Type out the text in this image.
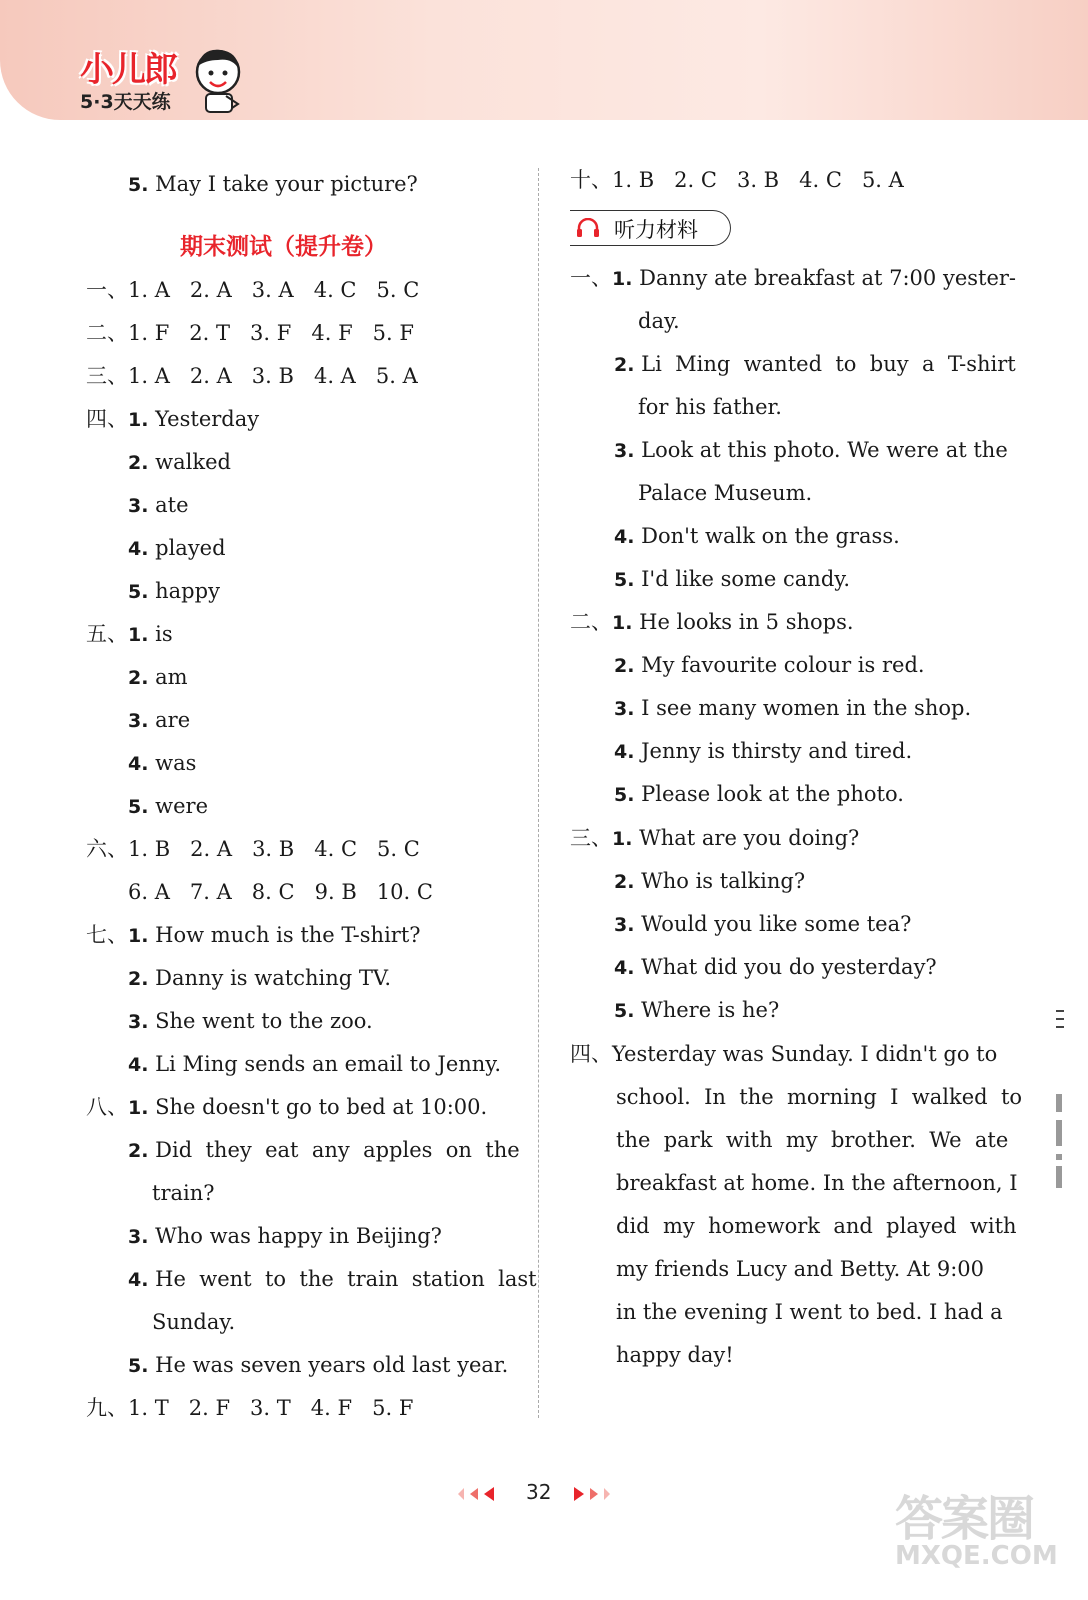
小儿郎
5·3天天练
5. May I take your picture?
期末测试（提升卷）
一、1. A   2. A   3. A   4. C   5. C
二、1. F   2. T   3. F   4. F   5. F
三、1. A   2. A   3. B   4. A   5. A
四、1. Yesterday
2. walked
3. ate
4. played
5. happy
五、1. is
2. am
3. are
4. was
5. were
六、1. B   2. A   3. B   4. C   5. C
6. A   7. A   8. C   9. B   10. C
七、1. How much is the T-shirt?
2. Danny is watching TV.
3. She went to the zoo.
4. Li Ming sends an email to Jenny.
八、1. She doesn't go to bed at 10:00.
2. Did  they  eat  any  apples  on  the
train?
3. Who was happy in Beijing?
4. He  went  to  the  train  station  last
Sunday.
5. He was seven years old last year.
九、1. T   2. F   3. T   4. F   5. F
十、1. B   2. C   3. B   4. C   5. A
听力材料
一、1. Danny ate breakfast at 7:00 yester-
day.
2. Li  Ming  wanted  to  buy  a  T-shirt
for his father.
3. Look at this photo. We were at the
Palace Museum.
4. Don't walk on the grass.
5. I'd like some candy.
二、1. He looks in 5 shops.
2. My favourite colour is red.
3. I see many women in the shop.
4. Jenny is thirsty and tired.
5. Please look at the photo.
三、1. What are you doing?
2. Who is talking?
3. Would you like some tea?
4. What did you do yesterday?
5. Where is he?
四、Yesterday was Sunday. I didn't go to
school.  In  the  morning  I  walked  to
the  park  with  my  brother.  We  ate
breakfast at home. In the afternoon, I
did  my  homework  and  played  with
my friends Lucy and Betty. At 9:00
in the evening I went to bed. I had a
happy day!
32	答案圈
MXQE.COM
